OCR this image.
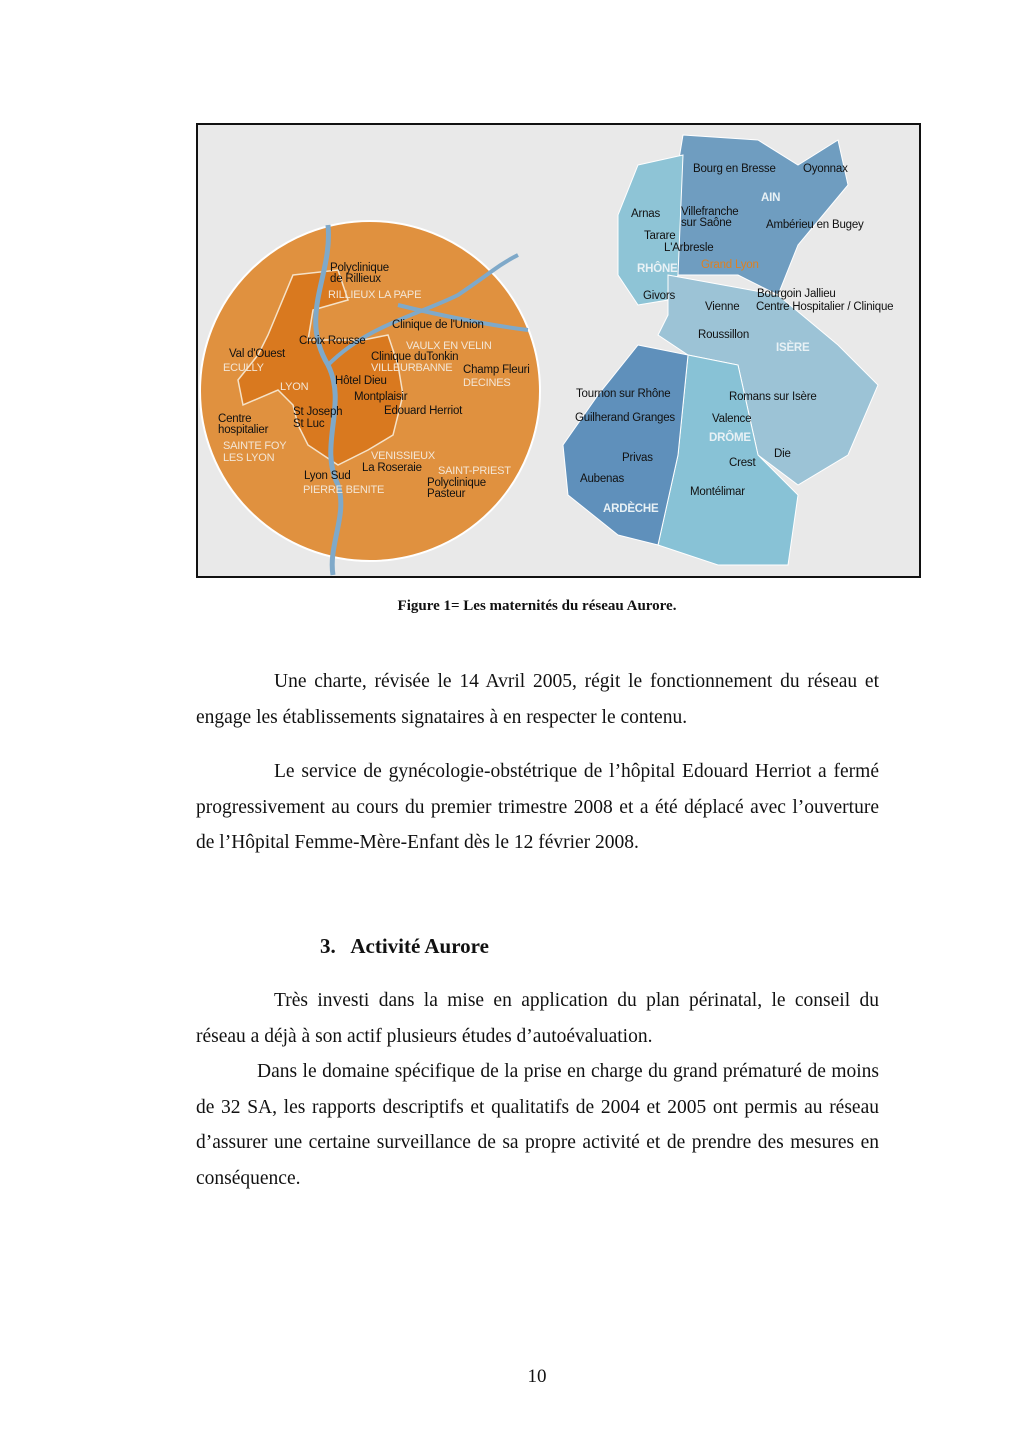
Polyclinique
de Rillieux
RILLIEUX LA PAPE
Clinique de l'Union
VAULX EN VELIN
Croix Rousse
Val d'Ouest
ECULLY
Clinique duTonkin
VILLEURBANNE Champ Fleuri
DECINES
LYON Hôtel Dieu
Montplaisir
St Joseph
St Luc
Edouard Herriot
Centre
hospitalier
SAINTE FOY
LES LYON	VENISSIEUX
La Roseraie SAINT-PRIEST
Lyon Sud
PIERRE BENITE
Polyclinique
Pasteur
Bourg en Bresse Oyonnax
AIN
Arnas Villefranche
sur Saône	Ambérieu en Bugey
Tarare
L'Arbresle
RHÔNE Grand Lyon
Givors	Bourgoin Jallieu
Centre Hospitalier / Clinique
Vienne
Roussillon
ISÈRE
Tournon sur Rhône	Romans sur Isère
Guilherand Granges	Valence
DRÔME
Die
Privas	Crest
Aubenas
Montélimar
ARDÈCHE
Figure 1= Les maternités du réseau Aurore.

Une charte, révisée le 14 Avril 2005, régit le fonctionnement du réseau et engage les établissements signataires à en respecter le contenu.

Le service de gynécologie-obstétrique de l’hôpital Edouard Herriot a fermé progressivement au cours du premier trimestre 2008 et a été déplacé avec l’ouverture de l’Hôpital Femme-Mère-Enfant dès le 12 février 2008.

3.   Activité Aurore

Très investi dans la mise en application du plan périnatal, le conseil du réseau a déjà à son actif plusieurs études d’autoévaluation.

Dans le domaine spécifique de la prise en charge du grand prématuré de moins de 32 SA, les rapports descriptifs et qualitatifs de 2004 et 2005 ont permis au réseau d’assurer une certaine surveillance de sa propre activité et de prendre des mesures en conséquence.

10
